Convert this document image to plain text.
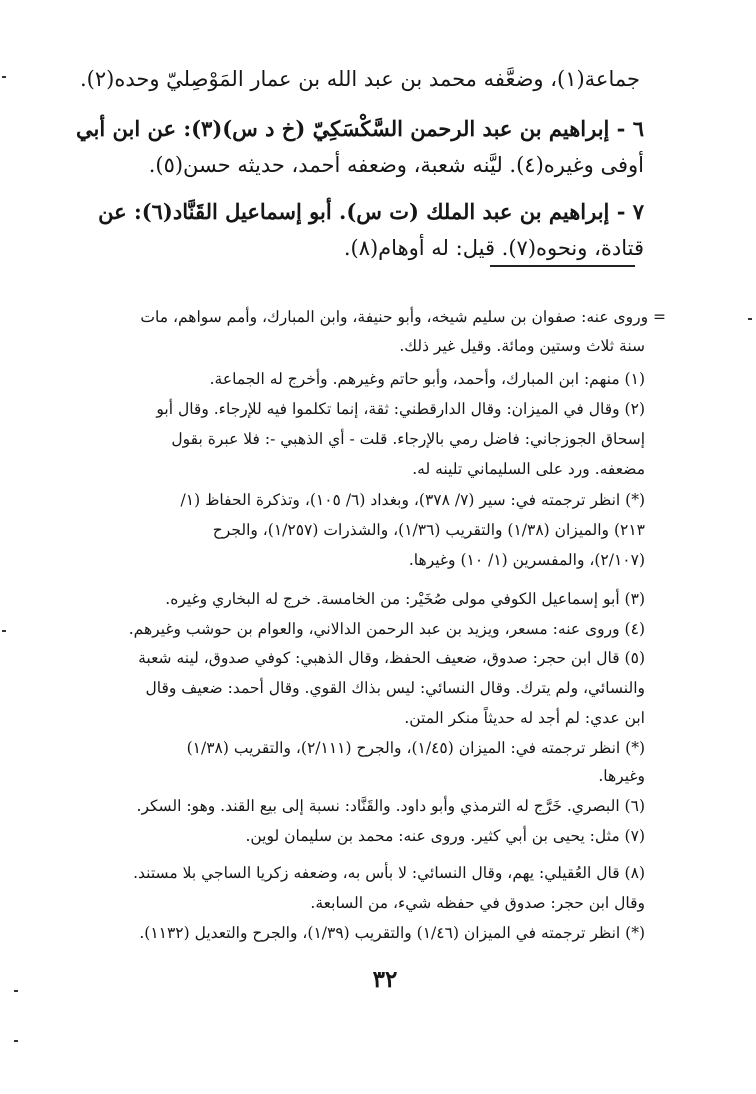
جماعة(١)، وضعَّفه محمد بن عبد الله بن عمار المَوْصِليّ وحده(٢).
٦ - إبراهيم بن عبد الرحمن السَّكْسَكِيّ (خ د س)(٣): عن ابن أبي
أوفى وغيره(٤). ليَّنه شعبة، وضعفه أحمد، حديثه حسن(٥).
٧ - إبراهيم بن عبد الملك (ت س). أبو إسماعيل القَنَّاد(٦): عن
قتادة، ونحوه(٧). قيل: له أوهام(٨).
= وروى عنه: صفوان بن سليم شيخه، وأبو حنيفة، وابن المبارك، وأمم سواهم، مات
سنة ثلاث وستين ومائة. وقيل غير ذلك.
(١) منهم: ابن المبارك، وأحمد، وأبو حاتم وغيرهم. وأخرج له الجماعة.
(٢) وقال في الميزان: وقال الدارقطني: ثقة، إنما تكلموا فيه للإرجاء. وقال أبو
إسحاق الجوزجاني: فاضل رمي بالإرجاء. قلت - أي الذهبي -: فلا عبرة بقول
مضعفه. ورد على السليماني تلينه له.
(*) انظر ترجمته في: سير (٧/ ٣٧٨)، وبغداد (٦/ ١٠٥)، وتذكرة الحفاظ (١/
٢١٣) والميزان (١/٣٨) والتقريب (١/٣٦)، والشذرات (١/٢٥٧)، والجرح
(٢/١٠٧)، والمفسرين (١/ ١٠) وغيرها.
(٣) أبو إسماعيل الكوفي مولى صُخَيْر: من الخامسة. خرج له البخاري وغيره.
(٤) وروى عنه: مسعر، ويزيد بن عبد الرحمن الدالاني، والعوام بن حوشب وغيرهم.
(٥) قال ابن حجر: صدوق، ضعيف الحفظ، وقال الذهبي: كوفي صدوق، لينه شعبة
والنسائي، ولم يترك. وقال النسائي: ليس بذاك القوي. وقال أحمد: ضعيف وقال
ابن عدي: لم أجد له حديثاً منكر المتن.
(*) انظر ترجمته في: الميزان (١/٤٥)، والجرح (٢/١١١)، والتقريب (١/٣٨)
وغيرها.
(٦) البصري. خَرَّج له الترمذي وأبو داود. والقَنَّاد: نسبة إلى بيع القند. وهو: السكر.
(٧) مثل: يحيى بن أبي كثير. وروى عنه: محمد بن سليمان لوين.
(٨) قال العُقيلي: يهم، وقال النسائي: لا بأس به، وضعفه زكريا الساجي بلا مستند.
وقال ابن حجر: صدوق في حفظه شيء، من السابعة.
(*) انظر ترجمته في الميزان (١/٤٦) والتقريب (١/٣٩)، والجرح والتعديل (١١٣٢).
٣٢
